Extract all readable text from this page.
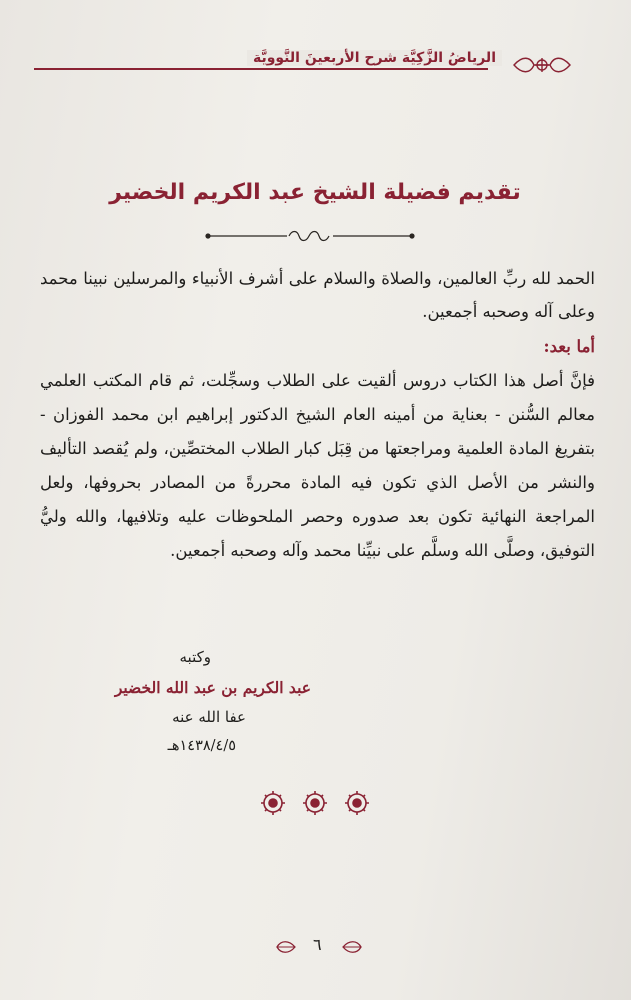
الرياضُ الزَّكِيَّة شرح الأربعينَ النَّوويَّة
تقديم فضيلة الشيخ عبد الكريم الخضير
الحمد لله ربِّ العالمين، والصلاة والسلام على أشرف الأنبياء والمرسلين نبينا محمد وعلى آله وصحبه أجمعين.
أما بعد:
فإنَّ أصل هذا الكتاب دروس ألقيت على الطلاب وسجِّلت، ثم قام المكتب العلمي معالم السُّنن - بعناية من أمينه العام الشيخ الدكتور إبراهيم ابن محمد الفوزان - بتفريغ المادة العلمية ومراجعتها من قِبَل كبار الطلاب المختصِّين، ولم يُقصد التأليف والنشر من الأصل الذي تكون فيه المادة محررةً من المصادر بحروفها، ولعل المراجعة النهائية تكون بعد صدوره وحصر الملحوظات عليه وتلافيها، والله وليُّ التوفيق، وصلَّى الله وسلَّم على نبيِّنا محمد وآله وصحبه أجمعين.
وكتبه
عبد الكريم بن عبد الله الخضير
عفا الله عنه
١٤٣٨/٤/٥هـ
٦
